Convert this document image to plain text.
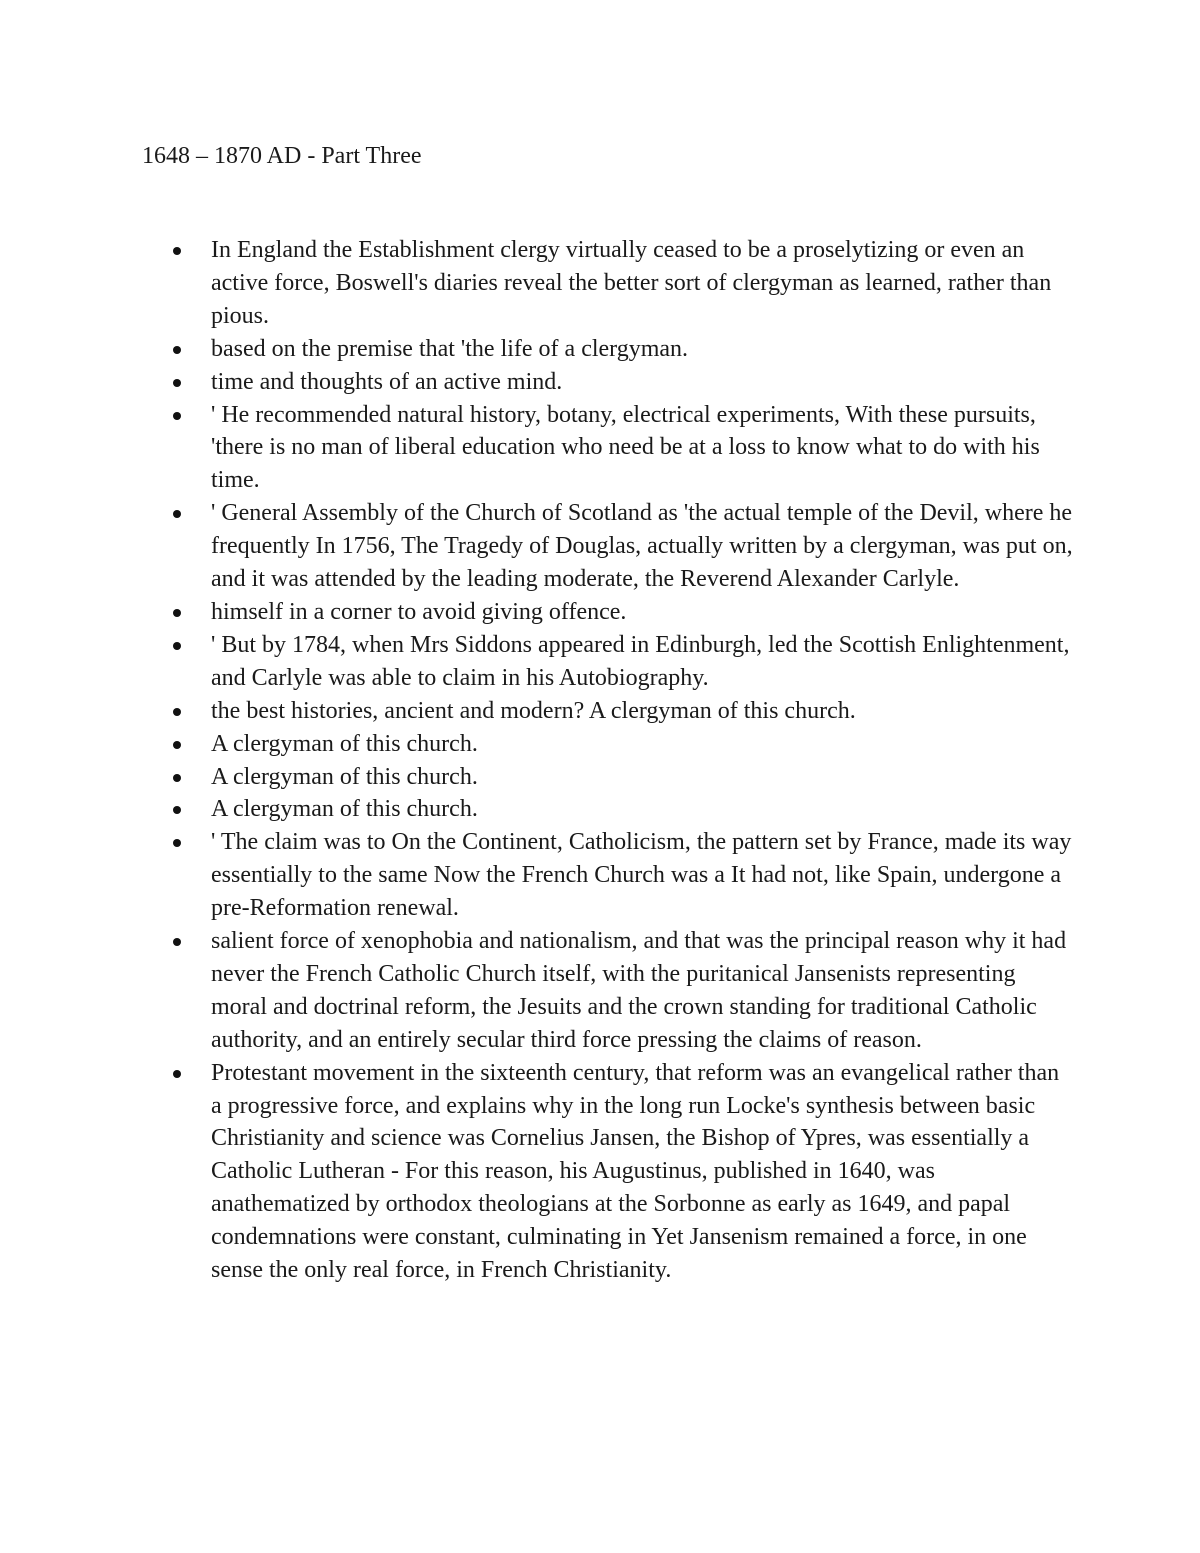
1648 – 1870 AD - Part Three
In England the Establishment clergy virtually ceased to be a proselytizing or even an active force, Boswell's diaries reveal the better sort of clergyman as learned, rather than pious.
based on the premise that 'the life of a clergyman.
time and thoughts of an active mind.
' He recommended natural history, botany, electrical experiments, With these pursuits, 'there is no man of liberal education who need be at a loss to know what to do with his time.
' General Assembly of the Church of Scotland as 'the actual temple of the Devil, where he frequently In 1756, The Tragedy of Douglas, actually written by a clergyman, was put on, and it was attended by the leading moderate, the Reverend Alexander Carlyle.
himself in a corner to avoid giving offence.
' But by 1784, when Mrs Siddons appeared in Edinburgh, led the Scottish Enlightenment, and Carlyle was able to claim in his Autobiography.
the best histories, ancient and modern? A clergyman of this church.
A clergyman of this church.
A clergyman of this church.
A clergyman of this church.
' The claim was to On the Continent, Catholicism, the pattern set by France, made its way essentially to the same Now the French Church was a It had not, like Spain, undergone a pre-Reformation renewal.
salient force of xenophobia and nationalism, and that was the principal reason why it had never the French Catholic Church itself, with the puritanical Jansenists representing moral and doctrinal reform, the Jesuits and the crown standing for traditional Catholic authority, and an entirely secular third force pressing the claims of reason.
Protestant movement in the sixteenth century, that reform was an evangelical rather than a progressive force, and explains why in the long run Locke's synthesis between basic Christianity and science was Cornelius Jansen, the Bishop of Ypres, was essentially a Catholic Lutheran - For this reason, his Augustinus, published in 1640, was anathematized by orthodox theologians at the Sorbonne as early as 1649, and papal condemnations were constant, culminating in Yet Jansenism remained a force, in one sense the only real force, in French Christianity.
